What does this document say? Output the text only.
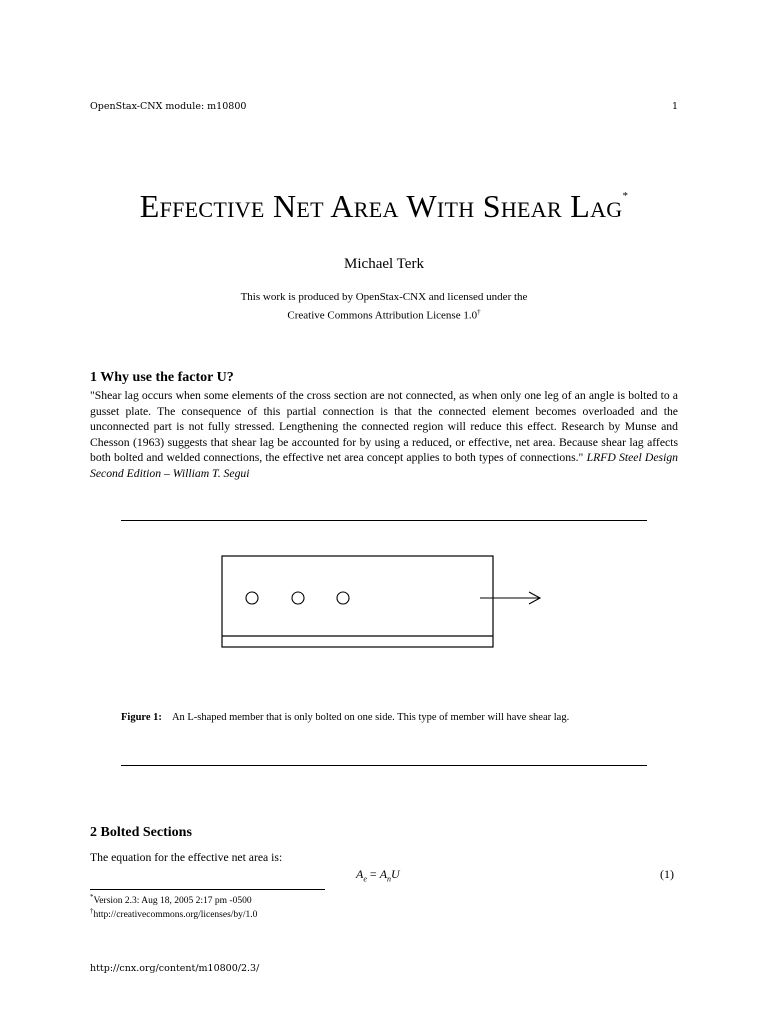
OpenStax-CNX module: m10800	1
Effective Net Area With Shear Lag*
Michael Terk
This work is produced by OpenStax-CNX and licensed under the
Creative Commons Attribution License 1.0†
1 Why use the factor U?
"Shear lag occurs when some elements of the cross section are not connected, as when only one leg of an angle is bolted to a gusset plate. The consequence of this partial connection is that the connected element becomes overloaded and the unconnected part is not fully stressed. Lengthening the connected region will reduce this effect. Research by Munse and Chesson (1963) suggests that shear lag be accounted for by using a reduced, or effective, net area. Because shear lag affects both bolted and welded connections, the effective net area concept applies to both types of connections." LRFD Steel Design Second Edition – William T. Segui
Figure 1: An L-shaped member that is only bolted on one side. This type of member will have shear lag.
2 Bolted Sections
The equation for the effective net area is:
$A_e = A_nU$	(1)
*Version 2.3: Aug 18, 2005 2:17 pm -0500
†http://creativecommons.org/licenses/by/1.0
http://cnx.org/content/m10800/2.3/
